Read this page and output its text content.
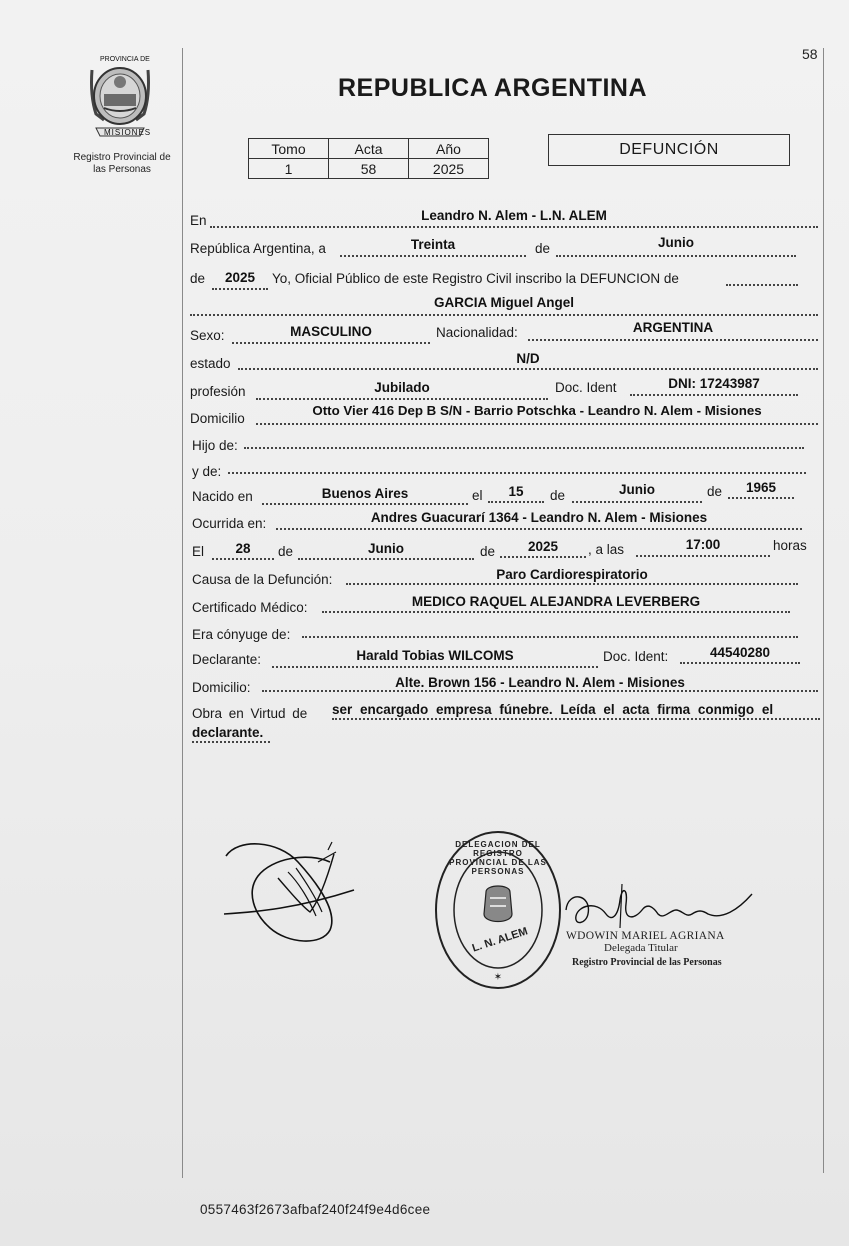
58
PROVINCIA DE
MISIONES
Registro Provincial de
las Personas
REPUBLICA ARGENTINA
Tomo	Acta	Año
1	58	2025
DEFUNCIÓN
En	Leandro N. Alem - L.N. ALEM
República Argentina, a	Treinta	de	Junio
de	2025	Yo, Oficial Público de este Registro Civil inscribo la DEFUNCION de
GARCIA Miguel Angel
Sexo:	MASCULINO	Nacionalidad:	ARGENTINA
estado	N/D
profesión	Jubilado	Doc. Ident	DNI: 17243987
Domicilio
Otto Vier 416 Dep B S/N - Barrio Potschka - Leandro N. Alem - Misiones
Hijo de:
y de:
Nacido en	Buenos Aires	el	15	de	Junio	de	1965
Ocurrida en:	Andres Guacurarí 1364 - Leandro N. Alem - Misiones
El	28	de	Junio	de	2025	, a las	17:00	horas
Causa de la Defunción:	Paro Cardiorespiratorio
Certificado Médico:	MEDICO RAQUEL ALEJANDRA LEVERBERG
Era cónyuge de:
Declarante:	Harald Tobias WILCOMS	Doc. Ident:	44540280
Domicilio:	Alte. Brown 156 - Leandro N. Alem - Misiones
Obra en Virtud de ser encargado empresa fúnebre. Leída el acta firma conmigo el
declarante.
✶
DELEGACION DEL REGISTRO PROVINCIAL DE LAS PERSONAS
L. N. ALEM	WDOWIN MARIEL AGRIANA
Delegada Titular
Registro Provincial de las Personas
0557463f2673afbaf240f24f9e4d6cee
